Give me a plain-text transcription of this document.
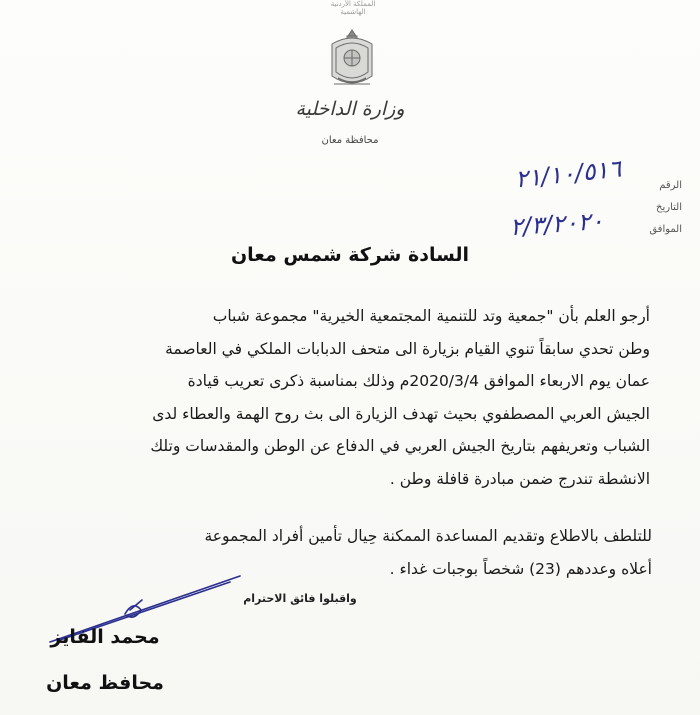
المملكة الأردنية الهاشمية
وزارة الداخلية
محافظة معان
الرقم
التاريخ
الموافق
٢١/١٠/٥١٦
٢/٣/٢٠٢٠
السادة شركة شمس معان

أرجو العلم بأن "جمعية وتد للتنمية المجتمعية الخيرية" مجموعة شباب

وطن تحدي سابقاً تنوي القيام بزيارة الى متحف الدبابات الملكي في العاصمة

عمان يوم الاربعاء الموافق 2020/3/4م وذلك بمناسبة ذكرى تعريب قيادة

الجيش العربي المصطفوي بحيث تهدف الزيارة الى بث روح الهمة والعطاء لدى

الشباب وتعريفهم بتاريخ الجيش العربي في الدفاع عن الوطن والمقدسات وتلك

الانشطة تندرج ضمن مبادرة قافلة وطن .

للتلطف بالاطلاع وتقديم المساعدة الممكنة حِيال تأمين أفراد المجموعة

أعلاه وعددهم (23) شخصاً بوجبات غداء .

واقبلوا فائق الاحترام
محمد الفايز
محافظ معان
